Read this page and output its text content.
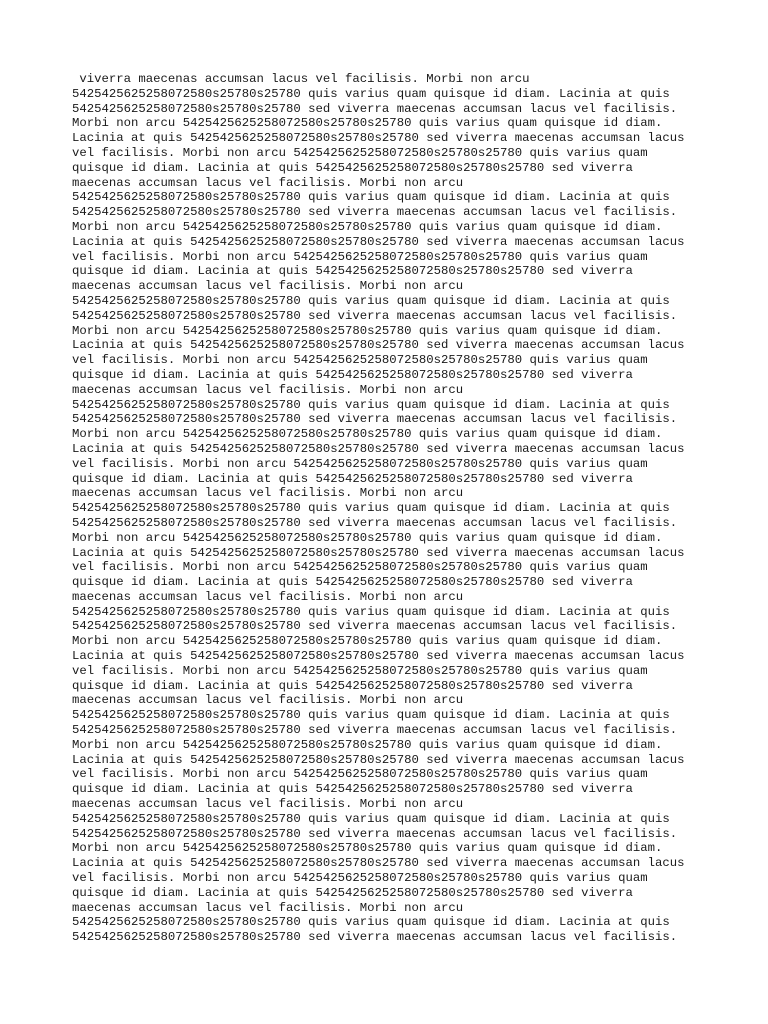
viverra maecenas accumsan lacus vel facilisis. Morbi non arcu
5425425625258072580s25780s25780 quis varius quam quisque id diam. Lacinia at quis
5425425625258072580s25780s25780 sed viverra maecenas accumsan lacus vel facilisis.
Morbi non arcu 5425425625258072580s25780s25780 quis varius quam quisque id diam.
Lacinia at quis 5425425625258072580s25780s25780 sed viverra maecenas accumsan lacus
vel facilisis. Morbi non arcu 5425425625258072580s25780s25780 quis varius quam
quisque id diam. Lacinia at quis 5425425625258072580s25780s25780 sed viverra
maecenas accumsan lacus vel facilisis. Morbi non arcu
5425425625258072580s25780s25780 quis varius quam quisque id diam. Lacinia at quis
5425425625258072580s25780s25780 sed viverra maecenas accumsan lacus vel facilisis.
Morbi non arcu 5425425625258072580s25780s25780 quis varius quam quisque id diam.
Lacinia at quis 5425425625258072580s25780s25780 sed viverra maecenas accumsan lacus
vel facilisis. Morbi non arcu 5425425625258072580s25780s25780 quis varius quam
quisque id diam. Lacinia at quis 5425425625258072580s25780s25780 sed viverra
maecenas accumsan lacus vel facilisis. Morbi non arcu
5425425625258072580s25780s25780 quis varius quam quisque id diam. Lacinia at quis
5425425625258072580s25780s25780 sed viverra maecenas accumsan lacus vel facilisis.
Morbi non arcu 5425425625258072580s25780s25780 quis varius quam quisque id diam.
Lacinia at quis 5425425625258072580s25780s25780 sed viverra maecenas accumsan lacus
vel facilisis. Morbi non arcu 5425425625258072580s25780s25780 quis varius quam
quisque id diam. Lacinia at quis 5425425625258072580s25780s25780 sed viverra
maecenas accumsan lacus vel facilisis. Morbi non arcu
5425425625258072580s25780s25780 quis varius quam quisque id diam. Lacinia at quis
5425425625258072580s25780s25780 sed viverra maecenas accumsan lacus vel facilisis.
Morbi non arcu 5425425625258072580s25780s25780 quis varius quam quisque id diam.
Lacinia at quis 5425425625258072580s25780s25780 sed viverra maecenas accumsan lacus
vel facilisis. Morbi non arcu 5425425625258072580s25780s25780 quis varius quam
quisque id diam. Lacinia at quis 5425425625258072580s25780s25780 sed viverra
maecenas accumsan lacus vel facilisis. Morbi non arcu
5425425625258072580s25780s25780 quis varius quam quisque id diam. Lacinia at quis
5425425625258072580s25780s25780 sed viverra maecenas accumsan lacus vel facilisis.
Morbi non arcu 5425425625258072580s25780s25780 quis varius quam quisque id diam.
Lacinia at quis 5425425625258072580s25780s25780 sed viverra maecenas accumsan lacus
vel facilisis. Morbi non arcu 5425425625258072580s25780s25780 quis varius quam
quisque id diam. Lacinia at quis 5425425625258072580s25780s25780 sed viverra
maecenas accumsan lacus vel facilisis. Morbi non arcu
5425425625258072580s25780s25780 quis varius quam quisque id diam. Lacinia at quis
5425425625258072580s25780s25780 sed viverra maecenas accumsan lacus vel facilisis.
Morbi non arcu 5425425625258072580s25780s25780 quis varius quam quisque id diam.
Lacinia at quis 5425425625258072580s25780s25780 sed viverra maecenas accumsan lacus
vel facilisis. Morbi non arcu 5425425625258072580s25780s25780 quis varius quam
quisque id diam. Lacinia at quis 5425425625258072580s25780s25780 sed viverra
maecenas accumsan lacus vel facilisis. Morbi non arcu
5425425625258072580s25780s25780 quis varius quam quisque id diam. Lacinia at quis
5425425625258072580s25780s25780 sed viverra maecenas accumsan lacus vel facilisis.
Morbi non arcu 5425425625258072580s25780s25780 quis varius quam quisque id diam.
Lacinia at quis 5425425625258072580s25780s25780 sed viverra maecenas accumsan lacus
vel facilisis. Morbi non arcu 5425425625258072580s25780s25780 quis varius quam
quisque id diam. Lacinia at quis 5425425625258072580s25780s25780 sed viverra
maecenas accumsan lacus vel facilisis. Morbi non arcu
5425425625258072580s25780s25780 quis varius quam quisque id diam. Lacinia at quis
5425425625258072580s25780s25780 sed viverra maecenas accumsan lacus vel facilisis.
Morbi non arcu 5425425625258072580s25780s25780 quis varius quam quisque id diam.
Lacinia at quis 5425425625258072580s25780s25780 sed viverra maecenas accumsan lacus
vel facilisis. Morbi non arcu 5425425625258072580s25780s25780 quis varius quam
quisque id diam. Lacinia at quis 5425425625258072580s25780s25780 sed viverra
maecenas accumsan lacus vel facilisis. Morbi non arcu
5425425625258072580s25780s25780 quis varius quam quisque id diam. Lacinia at quis
5425425625258072580s25780s25780 sed viverra maecenas accumsan lacus vel facilisis.
